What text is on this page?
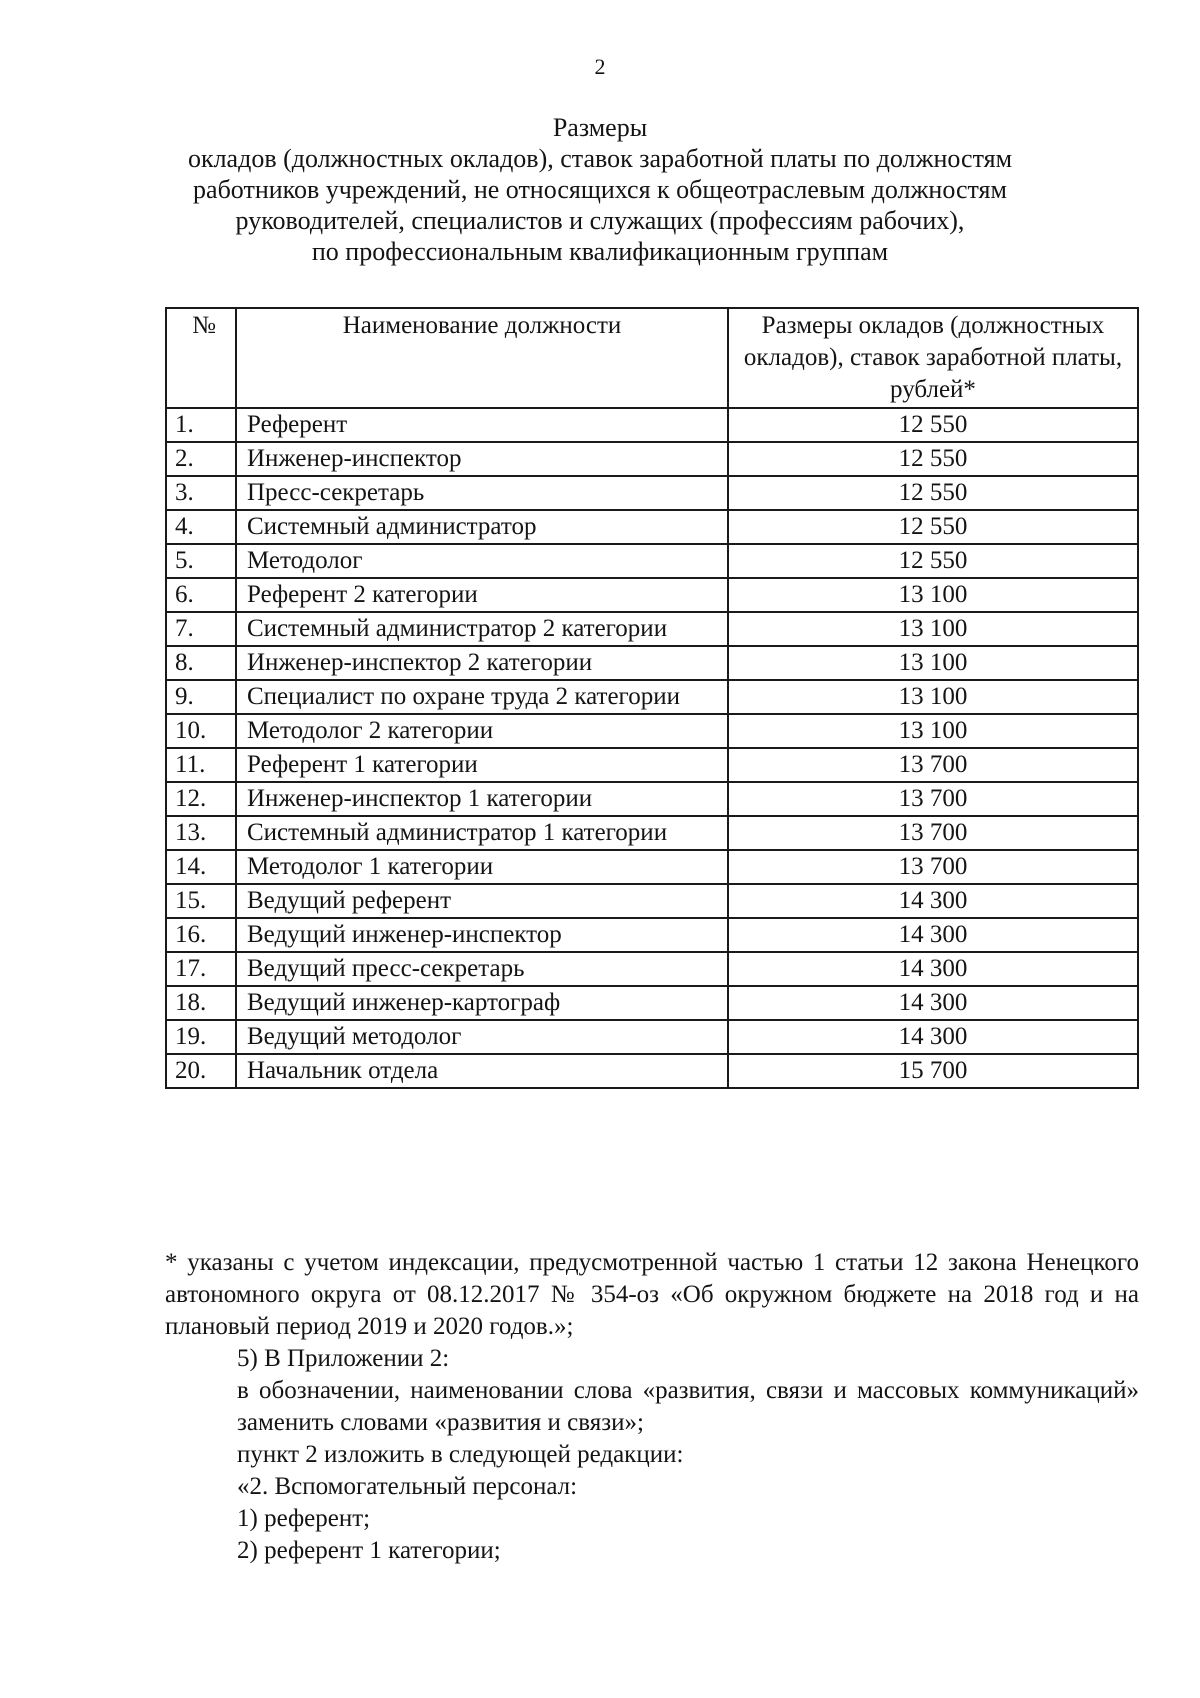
2
Размеры
окладов (должностных окладов), ставок заработной платы по должностям
работников учреждений, не относящихся к общеотраслевым должностям
руководителей, специалистов и служащих (профессиям рабочих),
по профессиональным квалификационным группам
№	Наименование должности	Размеры окладов (должностных окладов), ставок заработной платы, рублей*
1.	Референт	12 550
2.	Инженер-инспектор	12 550
3.	Пресс-секретарь	12 550
4.	Системный администратор	12 550
5.	Методолог	12 550
6.	Референт 2 категории	13 100
7.	Системный администратор 2 категории	13 100
8.	Инженер-инспектор 2 категории	13 100
9.	Специалист по охране труда 2 категории	13 100
10.	Методолог 2 категории	13 100
11.	Референт 1 категории	13 700
12.	Инженер-инспектор 1 категории	13 700
13.	Системный администратор 1 категории	13 700
14.	Методолог 1 категории	13 700
15.	Ведущий референт	14 300
16.	Ведущий инженер-инспектор	14 300
17.	Ведущий пресс-секретарь	14 300
18.	Ведущий инженер-картограф	14 300
19.	Ведущий методолог	14 300
20.	Начальник отдела	15 700
* указаны с учетом индексации, предусмотренной частью 1 статьи 12 закона Ненецкого автономного округа от 08.12.2017 № 354-оз «Об окружном бюджете на 2018 год и на плановый период 2019 и 2020 годов.»;
5) В Приложении 2:
в обозначении, наименовании слова «развития, связи и массовых коммуникаций» заменить словами «развития и связи»;
пункт 2 изложить в следующей редакции:
«2. Вспомогательный персонал:
1) референт;
2) референт 1 категории;
